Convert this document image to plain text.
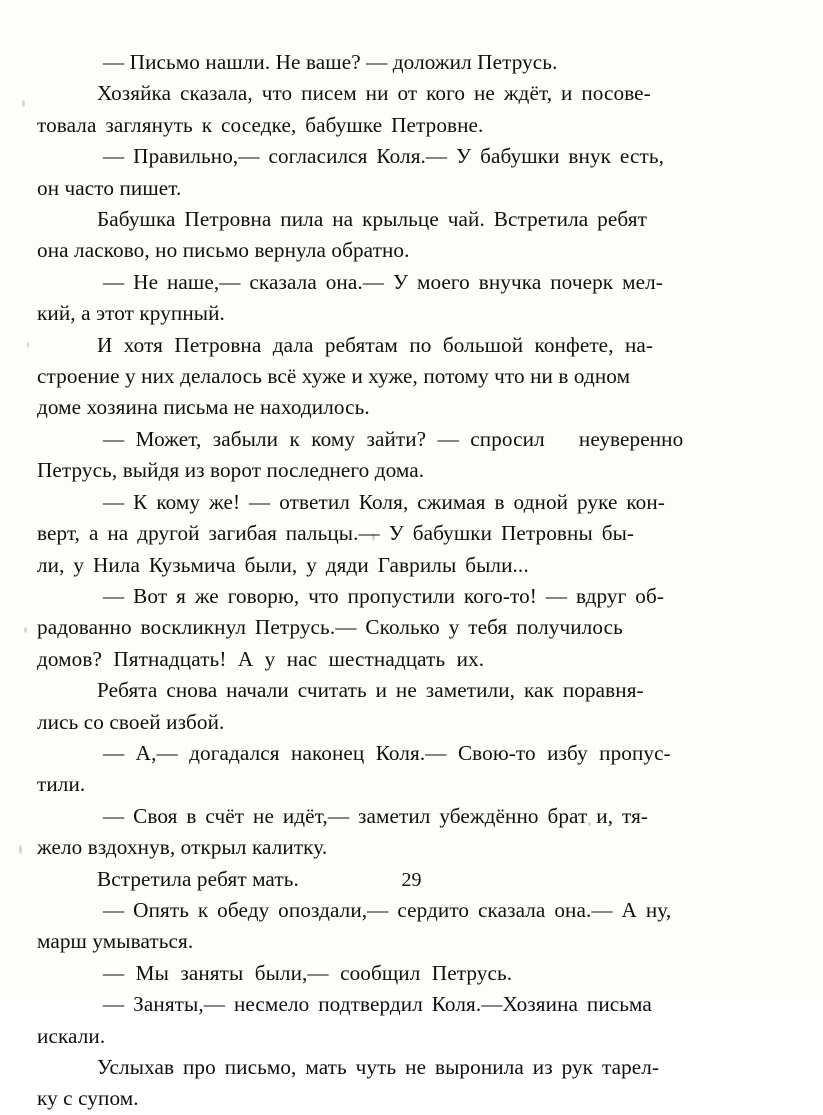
— Письмо нашли. Не ваше? — доложил Петрусь.

Хозяйка сказала, что писем ни от кого не ждёт, и посове-
товала заглянуть к соседке, бабушке Петровне.

— Правильно,— согласился Коля.— У бабушки внук есть,
он часто пишет.

Бабушка Петровна пила на крыльце чай. Встретила ребят
она ласково, но письмо вернула обратно.

— Не наше,— сказала она.— У моего внучка почерк мел-
кий, а этот крупный.

И хотя Петровна дала ребятам по большой конфете, на-
строение у них делалось всё хуже и хуже, потому что ни в одном
доме хозяина письма не находилось.

— Может, забыли к кому зайти? — спросил   неуверенно
Петрусь, выйдя из ворот последнего дома.

— К кому же! — ответил Коля, сжимая в одной руке кон-
верт, а на другой загибая пальцы.— У бабушки Петровны бы-
ли, у Нила Кузьмича были, у дяди Гаврилы были...

— Вот я же говорю, что пропустили кого-то! — вдруг об-
радованно воскликнул Петрусь.— Сколько у тебя получилось
домов? Пятнадцать! А у нас шестнадцать их.

Ребята снова начали считать и не заметили, как поравня-
лись со своей избой.

— А,— догадался наконец Коля.— Свою-то избу пропус-
тили.

— Своя в счёт не идёт,— заметил убеждённо брат и, тя-
жело вздохнув, открыл калитку.

Встретила ребят мать.

— Опять к обеду опоздали,— сердито сказала она.— А ну,
марш умываться.

— Мы заняты были,— сообщил Петрусь.

— Заняты,— несмело подтвердил Коля.—Хозяина письма
искали.

Услыхав про письмо, мать чуть не выронила из рук тарел-
ку с супом.

29
